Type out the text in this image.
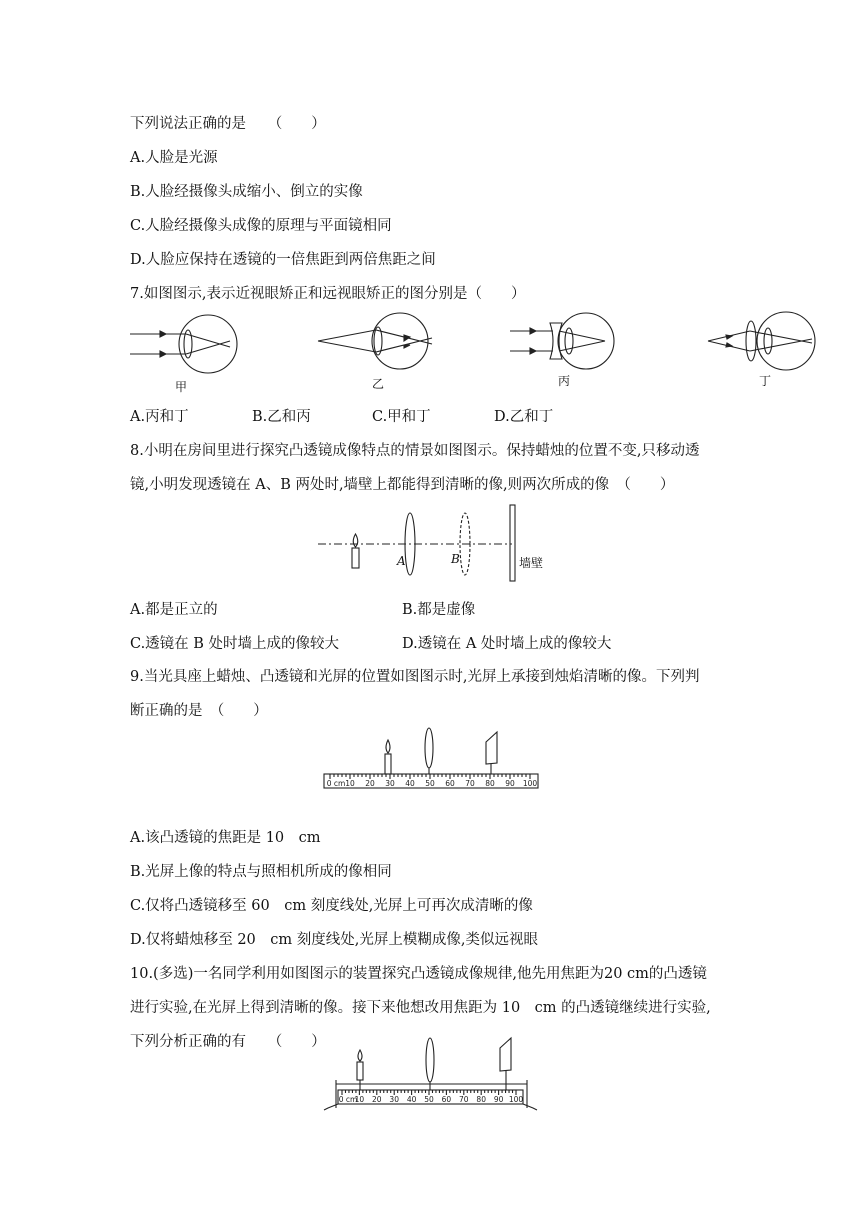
下列说法正确的是　　（　　）
A.人脸是光源
B.人脸经摄像头成缩小、倒立的实像
C.人脸经摄像头成像的原理与平面镜相同
D.人脸应保持在透镜的一倍焦距到两倍焦距之间
7.如图图示,表示近视眼矫正和远视眼矫正的图分别是（　　）
甲	乙	丙	丁
A.丙和丁	B.乙和丙	C.甲和丁	D.乙和丁
8.小明在房间里进行探究凸透镜成像特点的情景如图图示。保持蜡烛的位置不变,只移动透
镜,小明发现透镜在 A、B 两处时,墙壁上都能得到清晰的像,则两次所成的像　（　　）
A	B	墙壁
A.都是正立的	B.都是虚像
C.透镜在 B 处时墙上成的像较大	D.透镜在 A 处时墙上成的像较大
9.当光具座上蜡烛、凸透镜和光屏的位置如图图示时,光屏上承接到烛焰清晰的像。下列判
断正确的是　（　　）
0 cm 10 20 30 40 50 60 70 80 90 100
A.该凸透镜的焦距是 10　cm
B.光屏上像的特点与照相机所成的像相同
C.仅将凸透镜移至 60　cm 刻度线处,光屏上可再次成清晰的像
D.仅将蜡烛移至 20　cm 刻度线处,光屏上模糊成像,类似远视眼
10.(多选)一名同学利用如图图示的装置探究凸透镜成像规律,他先用焦距为20 cm的凸透镜
进行实验,在光屏上得到清晰的像。接下来他想改用焦距为 10　cm 的凸透镜继续进行实验,
下列分析正确的有　　（　　）
0 cm
10 20 30 40 50 60 70 80 90 100
